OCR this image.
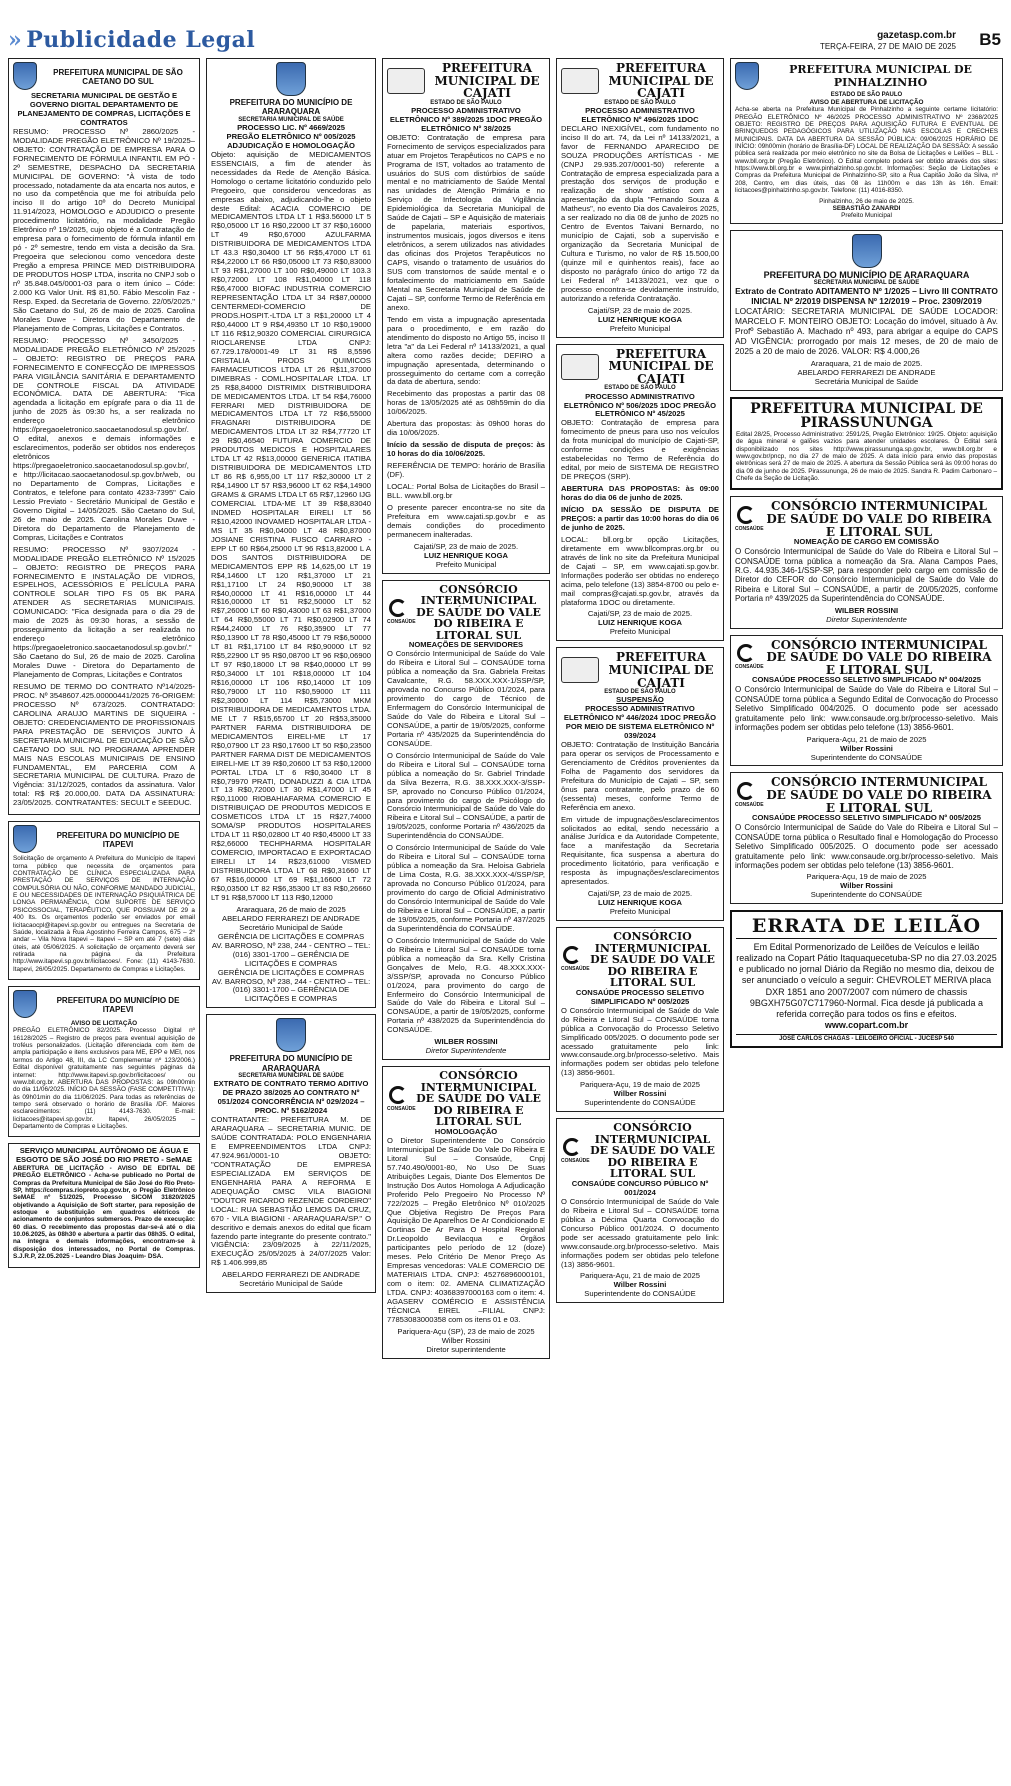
» Publicidade Legal	gazetasp.com.br
TERÇA-FEIRA, 27 DE MAIO DE 2025 B5
PREFEITURA MUNICIPAL DE SÃO CAETANO DO SUL
SECRETARIA MUNICIPAL DE GESTÃO E GOVERNO DIGITAL DEPARTAMENTO DE PLANEJAMENTO DE COMPRAS, LICITAÇÕES E CONTRATOS

RESUMO: PROCESSO Nº 2860/2025 - MODALIDADE PREGÃO ELETRÔNICO Nº 19/2025– OBJETO: CONTRATAÇÃO DE EMPRESA PARA O FORNECIMENTO DE FÓRMULA INFANTIL EM PÓ - 2º SEMESTRE, DESPACHO DA SECRETARIA MUNICIPAL DE GOVERNO: "À vista de todo processado, notadamente da ata encarta nos autos, e no uso da competência que me foi atribuída pelo inciso II do artigo 10º do Decreto Municipal 11.914/2023, HOMOLOGO e ADJUDICO o presente procedimento licitatório, na modalidade Pregão Eletrônico nº 19/2025, cujo objeto é a Contratação de empresa para o fornecimento de fórmula infantil em pó - 2º semestre, tendo em vista a decisão da Sra. Pregoeira que selecionou como vencedora deste Pregão a empresa PRINCE MED DISTRIBUIDORA DE PRODUTOS HOSP LTDA, inscrita no CNPJ sob o nº 35.848.045/0001-03 para o item único – Códe: 2.000 KG Valor Unit. R$ 81,50. Fábio Mescolin Faz - Resp. Exped. da Secretaria de Governo. 22/05/2025." São Caetano do Sul, 26 de maio de 2025. Carolina Morales Duwe - Diretora do Departamento de Planejamento de Compras, Licitações e Contratos.

RESUMO: PROCESSO Nº 3450/2025 - MODALIDADE PREGÃO ELETRÔNICO Nº 25/2025 – OBJETO: REGISTRO DE PREÇOS PARA FORNECIMENTO E CONFECÇÃO DE IMPRESSOS PARA VIGILÂNCIA SANITÁRIA E DEPARTAMENTO DE CONTROLE FISCAL DA ATIVIDADE ECONÔMICA. DATA DE ABERTURA: "Fica agendada a licitação em epígrafe para o dia 11 de junho de 2025 às 09:30 hs, a ser realizada no endereço eletrônico https://pregaoeletronico.saocaetanodosul.sp.gov.br/. O edital, anexos e demais informações e esclarecimentos, poderão ser obtidos nos endereços eletrônicos https://pregaoeletronico.saocaetanodosul.sp.gov.br/, e http://licitacao.saocaetanodosul.sp.gov.br/web, ou no Departamento de Compras, Licitações e Contratos, e telefone para contato 4233-7395" Caio Lessio Previato - Secretário Municipal de Gestão e Governo Digital – 14/05/2025. São Caetano do Sul, 26 de maio de 2025. Carolina Morales Duwe - Diretora do Departamento de Planejamento de Compras, Licitações e Contratos

RESUMO: PROCESSO Nº 9307/2024 - MODALIDADE PREGÃO ELETRÔNICO Nº 15/2025 – OBJETO: REGISTRO DE PREÇOS PARA FORNECIMENTO E INSTALAÇÃO DE VIDROS, ESPELHOS, ACESSÓRIOS E PELÍCULA PARA CONTROLE SOLAR TIPO FS 05 BK PARA ATENDER AS SECRETARIAS MUNICIPAIS. COMUNICADO: "Fica designada para o dia 29 de maio de 2025 às 09:30 horas, a sessão de prosseguimento da licitação a ser realizada no endereço eletrônico https://pregaoeletronico.saocaetanodosul.sp.gov.br/." São Caetano do Sul, 26 de maio de 2025. Carolina Morales Duwe - Diretora do Departamento de Planejamento de Compras, Licitações e Contratos

RESUMO DE TERMO DO CONTRATO Nº14/2025-PROC. Nº 3548607.425.00000441/2025 76-ORIGEM: PROCESSO Nº 673/2025. CONTRATADO: CAROLINA ARAUJO MARTINS DE SIQUEIRA -OBJETO: CREDENCIAMENTO DE PROFISSIONAIS PARA PRESTAÇÃO DE SERVIÇOS JUNTO À SECRETARIA MUNICIPAL DE EDUCAÇÃO DE SÃO CAETANO DO SUL NO PROGRAMA APRENDER MAIS NAS ESCOLAS MUNICIPAIS DE ENSINO FUNDAMENTAL, EM PARCERIA COM A SECRETARIA MUNICIPAL DE CULTURA. Prazo de Vigência: 31/12/2025, contados da assinatura. Valor total: R$ R$ 20.000,00. DATA DA ASSINATURA: 23/05/2025. CONTRATANTES: SECULT e SEEDUC.

PREFEITURA DO MUNICÍPIO DE ITAPEVI

Solicitação de orçamento A Prefeitura do Município de Itapevi torna público que necessita de orçamentos para CONTRATAÇÃO DE CLÍNICA ESPECIALIZADA PARA PRESTAÇÃO DE SERVIÇOS DE INTERNAÇÃO COMPULSÓRIA OU NÃO, CONFORME MANDADO JUDICIAL, E OU NECESSIDADES DE INTERNAÇÃO PSIQUIÁTRICA DE LONGA PERMANÊNCIA, COM SUPORTE DE SERVIÇO PSICOSSOCIAL, TERAPÊUTICO, QUE POSSUAM DE 29 a 400 lts. Os orçamentos poderão ser enviados por email licitacaocpl@itapevi.sp.gov.br ou entregues na Secretaria de Saúde, localizada à Rua Agostinho Ferreira Campos, 675 – 2º andar – Vila Nova Itapevi – Itapevi – SP em até 7 (sete) dias úteis, até 05/06/2025. A solicitação de orçamento deverá ser retirada na página da Prefeitura http://www.itapevi.sp.gov.br/licitacoes/. Fone: (11) 4143-7630. Itapevi, 26/05/2025. Departamento de Compras e Licitações.

PREFEITURA DO MUNICÍPIO DE ITAPEVI
AVISO DE LICITAÇÃO

PREGÃO ELETRÔNICO 82/2025. Processo Digital nº 16128/2025 – Registro de preços para eventual aquisição de troféus personalizados. (Licitação diferenciada com item de ampla participação e itens exclusivos para ME, EPP e MEI, nos termos do Artigo 48, III, da LC Complementar nº 123/2006.) Edital disponível gratuitamente nas seguintes páginas da internet: http://www.itapevi.sp.gov.br/licitacoes/ ou www.bll.org.br. ABERTURA DAS PROPOSTAS: às 09h00min do dia 11/06/2025. INÍCIO DA SESSÃO (FASE COMPETITIVA): às 09h01min do dia 11/06/2025. Para todas as referências de tempo será observado o horário de Brasília /DF. Maiores esclarecimentos: (11) 4143-7630. E-mail: licitacoes@itapevi.sp.gov.br. Itapevi, 26/05/2025 – Departamento de Compras e Licitações.

SERVIÇO MUNICIPAL AUTÔNOMO DE ÁGUA E ESGOTO DE SÃO JOSÉ DO RIO PRETO - SeMAE

ABERTURA DE LICITAÇÃO - AVISO DE EDITAL DE PREGÃO ELETRÔNICO - Acha-se publicado no Portal de Compras da Prefeitura Municipal de São José do Rio Preto-SP, https://compras.riopreto.sp.gov.br, o Pregão Eletrônico SeMAE nº 51/2025, Processo SICOM 31820/2025 objetivando a Aquisição de Soft starter, para reposição de estoque e substituição em quadros elétricos de acionamento de conjuntos submersos. Prazo de execução: 60 dias. O recebimento das propostas dar-se-á até o dia 10.06.2025, às 08h30 e abertura a partir das 08h35. O edital, na íntegra e demais informações, encontram-se à disposição dos interessados, no Portal de Compras. S.J.R.P, 22.05.2025 - Leandro Dias Joaquim- DSA.

PREFEITURA DO MUNICÍPIO DE ARARAQUARA
SECRETARIA MUNICIPAL DE SAÚDE
PROCESSO LIC. Nº 4669/2025
PREGÃO ELETRÔNICO Nº 005/2025
ADJUDICAÇÃO E HOMOLOGAÇÃO

Objeto: aquisição de MEDICAMENTOS ESSENCIAIS, a fim de atender às necessidades da Rede de Atenção Básica. Homologo o certame licitatório conduzido pelo Pregoeiro, que considerou vencedoras as empresas abaixo, adjudicando-lhe o objeto deste Edital: ACACIA COMERCIO DE MEDICAMENTOS LTDA LT 1 R$3.56000 LT 5 R$0,05000 LT 16 R$0,22000 LT 37 R$0,16000 LT 49 R$0,67000 AZULFARMA DISTRIBUIDORA DE MEDICAMENTOS LTDA LT 43.3 R$0,30400 LT 56 R$5,47000 LT 61 R$4,22000 LT 66 R$0,05000 LT 73 R$0,83000 LT 93 R$1,27000 LT 100 R$0,49000 LT 103.3 R$0,72000 LT 108 R$1,04000 LT 118 R$6,47000 BIOFAC INDUSTRIA COMERCIO REPRESENTAÇÃO LTDA LT 34 R$87,00000 CENTERMEDI-COMERCIO DE PRODS.HOSPIT.-LTDA LT 3 R$1,20000 LT 4 R$0,44000 LT 9 R$4,49350 LT 10 R$0,19000 LT 116 R$12,90320 COMERCIAL CIRURGICA RIOCLARENSE LTDA CNPJ: 67.729.178/0001-49 LT 31 R$ 8,5596 CRISTALIA PRODS QUIMICOS FARMACEUTICOS LTDA LT 26 R$11,37000 DIMEBRAS - COML.HOSPITALAR LTDA. LT 25 R$8,84000 DISTRIMIX DISTRIBUIDORA DE MEDICAMENTOS LTDA. LT 54 R$4,76000 FERRARI MED DISTRIBUIDORA DE MEDICAMENTOS LTDA LT 72 R$6,55000 FRAGNARI DISTRIBUIDORA DE MEDICAMENTOS LTDA LT 32 R$4,77720 LT 29 R$0,46540 FUTURA COMERCIO DE PRODUTOS MEDICOS E HOSPITALARES LTDA LT 42 R$13,00000 GENERICA ITATIBA DISTRIBUIDORA DE MEDICAMENTOS LTD LT 86 R$ 6,955,00 LT 117 R$2,30000 LT 2 R$4,14900 LT 57 R$3,96000 LT 62 R$4,14900 GRAMS & GRAMS LTDA LT 65 R$7,12960 IJG COMERCIAL LTDA-ME LT 39 R$8,83040 INDMED HOSPITALAR EIRELI LT 56 R$10,42000 INOVAMED HOSPITALAR LTDA - MS LT 35 R$0,04000 LT 48 R$0,87000 JOSIANE CRISTINA FUSCO CARRARO - EPP LT 60 R$64,25000 LT 96 R$13,82000 L A DOS SANTOS DISTRIBUIDORA DE MEDICAMENTOS EPP R$ 14,625,00 LT 19 R$4,14600 LT 120 R$1,37000 LT 21 R$1,17100 LT 24 R$0,90000 LT 38 R$40,00000 LT 41 R$16,00000 LT 44 R$16,00000 LT 51 R$2,50000 LT 52 R$7,26000 LT 60 R$0,43000 LT 63 R$1,37000 LT 64 R$0,55000 LT 71 R$0,02900 LT 74 R$44,24000 LT 76 R$0,35900 LT 77 R$0,13900 LT 78 R$0,45000 LT 79 R$6,50000 LT 81 R$1,17100 LT 84 R$0,90000 LT 92 R$5,22900 LT 95 R$0,08700 LT 96 R$0,06900 LT 97 R$0,18000 LT 98 R$40,00000 LT 99 R$0,34000 LT 101 R$18,00000 LT 104 R$16,00000 LT 106 R$0,14000 LT 109 R$0,79000 LT 110 R$0,59000 LT 111 R$2,30000 LT 114 R$5,73000 MKM DISTRIBUIDORA DE MEDICAMENTOS LTDA. ME LT 7 R$15,65700 LT 20 R$53,35000 PARTNER FARMA DISTRIBUIDORA DE MEDICAMENTOS EIRELI-ME LT 17 R$0,07900 LT 23 R$0,17600 LT 50 R$0,23500 PARTNER FARMA DIST DE MEDICAMENTOS EIRELI-ME LT 39 R$0,20600 LT 53 R$0,12000 PORTAL LTDA LT 6 R$0,30400 LT 8 R$0,79970 PRATI, DONADUZZI & CIA LTDA LT 13 R$0,72000 LT 30 R$1,47000 LT 45 R$0,11000 RIOBAHIAFARMA COMERCIO E DISTRIBUIÇAO DE PRODUTOS MEDICOS E COSMETICOS LTDA LT 15 R$27,74000 SOMA/SP PRODUTOS HOSPITALARES LTDA LT 11 R$0,02800 LT 40 R$0,45000 LT 33 R$2,66000 TECHPHARMA HOSPITALAR COMERCIO, IMPORTACAO E EXPORTACAO EIRELI LT 14 R$23,61000 VISMED DISTRIBUIDORA LTDA LT 68 R$0,31660 LT 67 R$16,00000 LT 69 R$1,16600 LT 72 R$0,03500 LT 82 R$6,35300 LT 83 R$0,26660 LT 91 R$8,57000 LT 113 R$0,12000

Araraquara, 26 de maio de 2025
ABELARDO FERRAREZI DE ANDRADE
Secretário Municipal de Saúde
GERÊNCIA DE LICITAÇÕES E COMPRAS
AV. BARROSO, Nº 238, 244 - CENTRO – TEL: (016) 3301-1700 – GERÊNCIA DE LICITAÇÕES E COMPRAS
GERÊNCIA DE LICITAÇÕES E COMPRAS
AV. BARROSO, Nº 238, 244 - CENTRO – TEL: (016) 3301-1700 – GERÊNCIA DE LICITAÇÕES E COMPRAS
PREFEITURA DO MUNICÍPIO DE ARARAQUARA
SECRETARIA MUNICIPAL DE SAÚDE
EXTRATO DE CONTRATO TERMO ADITIVO DE PRAZO 38/2025 AO CONTRATO Nº 051/2024 CONCORRÊNCIA Nº 029/2024 – PROC. Nº 5162/2024

CONTRATANTE: PREFEITURA M. DE ARARAQUARA – SECRETARIA MUNIC. DE SAÚDE CONTRATADA: POLO ENGENHARIA E EMPREENDIMENTOS LTDA CNPJ: 47.924.961/0001-10 OBJETO: "CONTRATAÇÃO DE EMPRESA ESPECIALIZADA EM SERVIÇOS DE ENGENHARIA PARA A REFORMA E ADEQUAÇÃO CMSC VILA BIAGIONI "DOUTOR RICARDO REZENDE CORDEIRO" LOCAL: RUA SEBASTIÃO LEMOS DA CRUZ, 670 - VILA BIAGIONI - ARARAQUARA/SP." O descritivo e demais anexos do edital que ficam fazendo parte integrante do presente contrato." VIGÊNCIA: 23/09/2025 à 22/11/2025, EXECUÇÃO 25/05/2025 à 24/07/2025 Valor: R$ 1.406.999,85

ABELARDO FERRAREZI DE ANDRADE
Secretário Municipal de Saúde
PREFEITURA MUNICIPAL DE CAJATI
ESTADO DE SÃO PAULO
PROCESSO ADMINISTRATIVO ELETRÔNICO Nº 389/2025 1DOC PREGÃO ELETRÔNICO Nº 38/2025

OBJETO: Contratação de empresa para Fornecimento de serviços especializados para atuar em Projetos Terapêuticos no CAPS e no Programa de IST, voltados ao tratamento de usuários do SUS com distúrbios de saúde mental e no matriciamento de Saúde Mental nas unidades de Atenção Primária e no Serviço de Infectologia da Vigilância Epidemiológica da Secretaria Municipal de Saúde de Cajati – SP e Aquisição de materiais de papelaria, materiais esportivos, instrumentos musicais, jogos diversos e itens eletrônicos, a serem utilizados nas atividades das oficinas dos Projetos Terapêuticos no CAPS, visando o tratamento de usuários do SUS com transtornos de saúde mental e o fortalecimento do matriciamento em Saúde Mental na Secretaria Municipal de Saúde de Cajati – SP, conforme Termo de Referência em anexo.

Tendo em vista a impugnação apresentada para o procedimento, e em razão do atendimento do disposto no Artigo 55, inciso II letra "a" da Lei Federal nº 14133/2021, a qual altera como razões decide; DEFIRO a impugnação apresentada, determinando o prosseguimento do certame com a correção da data de abertura, sendo:

Recebimento das propostas a partir das 08 horas de 13/05/2025 até as 08h59min do dia 10/06/2025.

Abertura das propostas: às 09h00 horas do dia 10/06/2025.

Início da sessão de disputa de preços: às 10 horas do dia 10/06/2025.

REFERÊNCIA DE TEMPO: horário de Brasília (DF).

LOCAL: Portal Bolsa de Licitações do Brasil – BLL. www.bll.org.br

O presente parecer encontra-se no site da Prefeitura em www.cajati.sp.gov.br e as demais condições do procedimento permanecem inalteradas.

Cajati/SP, 23 de maio de 2025.
LUIZ HENRIQUE KOGA
Prefeito Municipal
CONSAÚDE
CONSÓRCIO INTERMUNICIPAL DE SAÚDE DO VALE DO RIBEIRA E LITORAL SUL
NOMEAÇÕES DE SERVIDORES

O Consórcio Intermunicipal de Saúde do Vale do Ribeira e Litoral Sul – CONSAÚDE torna pública a nomeação da Sra. Gabriela Freitas Cavalcante, R.G. 58.XXX.XXX-1/SSP/SP, aprovada no Concurso Público 01/2024, para provimento do cargo de Técnico de Enfermagem do Consórcio Intermunicipal de Saúde do Vale do Ribeira e Litoral Sul – CONSAÚDE, a partir de 19/05/2025, conforme Portaria nº 435/2025 da Superintendência do CONSAÚDE.

O Consórcio Intermunicipal de Saúde do Vale do Ribeira e Litoral Sul – CONSAÚDE torna pública a nomeação do Sr. Gabriel Trindade da Silva Bezerra, R.G. 38.XXX.XXX-3/SSP-SP, aprovado no Concurso Público 01/2024, para provimento do cargo de Psicólogo do Consórcio Intermunicipal de Saúde do Vale do Ribeira e Litoral Sul – CONSAÚDE, a partir de 19/05/2025, conforme Portaria nº 436/2025 da Superintendência do CONSAÚDE.

O Consórcio Intermunicipal de Saúde do Vale do Ribeira e Litoral Sul – CONSAÚDE torna pública a nomeação da Sra. Heloisa Gabriela de Lima Costa, R.G. 38.XXX.XXX-4/SSP/SP, aprovada no Concurso Público 01/2024, para provimento do cargo de Oficial Administrativo do Consórcio Intermunicipal de Saúde do Vale do Ribeira e Litoral Sul – CONSAÚDE, a partir de 19/05/2025, conforme Portaria nº 437/2025 da Superintendência do CONSAÚDE.

O Consórcio Intermunicipal de Saúde do Vale do Ribeira e Litoral Sul – CONSAÚDE torna pública a nomeação da Sra. Kelly Cristina Gonçalves de Melo, R.G. 48.XXX.XXX-3/SSP/SP, aprovada no Concurso Público 01/2024, para provimento do cargo de Enfermeiro do Consórcio Intermunicipal de Saúde do Vale do Ribeira e Litoral Sul – CONSAÚDE, a partir de 19/05/2025, conforme Portaria nº 438/2025 da Superintendência do CONSAÚDE.

WILBER ROSSINI
Diretor Superintendente
CONSAÚDE
CONSÓRCIO INTERMUNICIPAL DE SAÚDE DO VALE DO RIBEIRA E LITORAL SUL
HOMOLOGAÇÃO

O Diretor Superintendente Do Consórcio Intermunicipal De Saúde Do Vale Do Ribeira E Litoral Sul – Consaúde, Cnpj 57.740.490/0001-80, No Uso De Suas Atribuições Legais, Diante Dos Elementos De Instrução Dos Autos Homologa A Adjudicação Proferido Pelo Pregoeiro No Processo Nº 722/2025 – Pregão Eletrônico Nº 010/2025 Que Objetiva Registro De Preços Para Aquisição De Aparelhos De Ar Condicionado E Cortinas De Ar Para O Hospital Regional Dr.Leopoldo Bevilacqua e Órgãos participantes pelo período de 12 (doze) meses. Pelo Critério De Menor Preço As Empresas vencedoras: VALE COMERCIO DE MATERIAIS LTDA. CNPJ: 45276896000101, com o item: 02. AMENA CLIMATIZAÇÃO LTDA. CNPJ: 40368397000163 com o item: 4. AGASERV COMÉRCIO E ASSISTÊNCIA TÉCNICA EIREL –FILIAL CNPJ: 77853083000358 com os itens 01 e 03.

Pariquera-Açu (SP), 23 de maio de 2025
Wilber Rossini
Diretor superintendente
PREFEITURA MUNICIPAL DE CAJATI
ESTADO DE SÃO PAULO
PROCESSO ADMINISTRATIVO ELETRÔNICO Nº 496/2025 1DOC

DECLARO INEXIGÍVEL, com fundamento no inciso II do art. 74, da Lei nº 14133/2021, a favor de FERNANDO APARECIDO DE SOUZA PRODUÇÕES ARTÍSTICAS - ME (CNPJ 29.935.207/0001-50) referente a Contratação de empresa especializada para a prestação dos serviços de produção e realização de show artístico com a apresentação da dupla "Fernando Souza & Matheus", no evento Dia dos Cavaleiros 2025, a ser realizado no dia 08 de junho de 2025 no Centro de Eventos Taivani Bernardo, no município de Cajati, sob a supervisão e organização da Secretaria Municipal de Cultura e Turismo, no valor de R$ 15.500,00 (quinze mil e quinhentos reais), face ao disposto no parágrafo único do artigo 72 da Lei Federal nº 14133/2021, vez que o processo encontra-se devidamente instruído, autorizando a referida Contratação.

Cajati/SP, 23 de maio de 2025.
LUIZ HENRIQUE KOGA
Prefeito Municipal
PREFEITURA MUNICIPAL DE CAJATI
ESTADO DE SÃO PAULO
PROCESSO ADMINISTRATIVO ELETRÔNICO Nº 506/2025 1DOC PREGÃO ELETRÔNICO Nº 45/2025

OBJETO: Contratação de empresa para fornecimento de pneus para uso nos veículos da frota municipal do município de Cajati-SP, conforme condições e exigências estabelecidas no Termo de Referência do edital, por meio de SISTEMA DE REGISTRO DE PREÇOS (SRP).

ABERTURA DAS PROPOSTAS: às 09:00 horas do dia 06 de junho de 2025.

INÍCIO DA SESSÃO DE DISPUTA DE PREÇOS: a partir das 10:00 horas do dia 06 de junho de 2025.

LOCAL: bll.org.br opção Licitações, diretamente em www.bllcompras.org.br ou através de link no site da Prefeitura Municipal de Cajati – SP, em www.cajati.sp.gov.br. Informações poderão ser obtidas no endereço acima, pelo telefone (13) 3854-8700 ou pelo e-mail compras@cajati.sp.gov.br, através da plataforma 1DOC ou diretamente.

Cajati/SP, 23 de maio de 2025.
LUIZ HENRIQUE KOGA
Prefeito Municipal
PREFEITURA MUNICIPAL DE CAJATI
ESTADO DE SÃO PAULO
SUSPENSÃO
PROCESSO ADMINISTRATIVO ELETRÔNICO Nº 446/2024 1DOC PREGÃO POR MEIO DE SISTEMA ELETRÔNICO Nº 039/2024

OBJETO: Contratação de Instituição Bancária para operar os serviços de Processamento e Gerenciamento de Créditos provenientes da Folha de Pagamento dos servidores da Prefeitura do Município de Cajati – SP, sem ônus para contratante, pelo prazo de 60 (sessenta) meses, conforme Termo de Referência em anexo.

Em virtude de impugnações/esclarecimentos solicitados ao edital, sendo necessário a análise Jurídica e da Autoridade Competente, face a manifestação da Secretaria Requisitante, fica suspensa a abertura do procedimento licitatório, para verificação e resposta às impugnações/esclarecimentos apresentados.

Cajati/SP, 23 de maio de 2025.
LUIZ HENRIQUE KOGA
Prefeito Municipal
CONSAÚDE
CONSÓRCIO INTERMUNICIPAL DE SAÚDE DO VALE DO RIBEIRA E LITORAL SUL
CONSAÚDE PROCESSO SELETIVO SIMPLIFICADO Nº 005/2025

O Consórcio Intermunicipal de Saúde do Vale do Ribeira e Litoral Sul – CONSAÚDE torna pública a Convocação do Processo Seletivo Simplificado 005/2025. O documento pode ser acessado gratuitamente pelo link: www.consaude.org.br/processo-seletivo. Mais informações podem ser obtidas pelo telefone (13) 3856-9601.

Pariquera-Açu, 19 de maio de 2025
Wilber Rossini
Superintendente do CONSAÚDE
CONSAÚDE
CONSÓRCIO INTERMUNICIPAL DE SAÚDE DO VALE DO RIBEIRA E LITORAL SUL
CONSAÚDE CONCURSO PÚBLICO Nº 001/2024

O Consórcio Intermunicipal de Saúde do Vale do Ribeira e Litoral Sul – CONSAÚDE torna pública a Décima Quarta Convocação do Concurso Público 001/2024. O documento pode ser acessado gratuitamente pelo link: www.consaude.org.br/processo-seletivo. Mais informações podem ser obtidas pelo telefone (13) 3856-9601.

Pariquera-Açu, 21 de maio de 2025
Wilber Rossini
Superintendente do CONSAÚDE
PREFEITURA MUNICIPAL DE PINHALZINHO
ESTADO DE SÃO PAULO
AVISO DE ABERTURA DE LICITAÇÃO

Acha-se aberta na Prefeitura Municipal de Pinhalzinho a seguinte certame licitatório: PREGÃO ELETRÔNICO Nº 46/2025 PROCESSO ADMINISTRATIVO Nº 2368/2025 OBJETO: REGISTRO DE PREÇOS PARA AQUISIÇÃO FUTURA E EVENTUAL DE BRINQUEDOS PEDAGÓGICOS PARA UTILIZAÇÃO NAS ESCOLAS E CRECHES MUNICIPAIS. DATA DA ABERTURA DA SESSÃO PÚBLICA: 09/06/2025 HORÁRIO DE INÍCIO: 09h00min (horário de Brasília-DF) LOCAL DE REALIZAÇÃO DA SESSÃO: A sessão pública será realizada por meio eletrônico no site da Bolsa de Licitações e Leilões – BLL - www.bll.org.br (Pregão Eletrônico). O Edital completo poderá ser obtido através dos sites: https://www.bll.org.br e www.pinhalzinho.sp.gov.br. Informações: Seção de Licitações e Compras da Prefeitura Municipal de Pinhalzinho-SP, sito a Rua Capitão João da Silva, nº 208, Centro, em dias úteis, das 08 às 11h00m e das 13h às 16h. Email: licitacoes@pinhalzinho.sp.gov.br. Telefone: (11) 4016-8350.

Pinhalzinho, 26 de maio de 2025.
SEBASTIÃO ZANARDI
Prefeito Municipal
PREFEITURA DO MUNICÍPIO DE ARARAQUARA
SECRETARIA MUNICIPAL DE SAÚDE
Extrato de Contrato ADITAMENTO Nº 1/2025 – Livro III CONTRATO INICIAL Nº 2/2019 DISPENSA Nº 12/2019 – Proc. 2309/2019

LOCATÁRIO: SECRETARIA MUNICIPAL DE SAÚDE LOCADOR: MARCELO F. MONTEIRO OBJETO: Locação do imóvel, situado à Av. Profº Sebastião A. Machado nº 493, para abrigar a equipe do CAPS AD VIGÊNCIA: prorrogado por mais 12 meses, de 20 de maio de 2025 a 20 de maio de 2026. VALOR: R$ 4.000,26

Araraquara, 21 de maio de 2025.
ABELARDO FERRAREZI DE ANDRADE
Secretária Municipal de Saúde
PREFEITURA MUNICIPAL DE PIRASSUNUNGA

Edital 28/25, Processo Administrativo: 2591/25, Pregão Eletrônico: 19/25. Objeto: aquisição de água mineral e galões vazios para atender unidades escolares. O Edital será disponibilizado nos sites http://www.pirassununga.sp.gov.br, www.bll.org.br e www.gov.br/pncp, no dia 27 de maio de 2025. A data início para envio das propostas eletrônicas será 27 de maio de 2025. A abertura da Sessão Pública será às 09:00 horas do dia 09 de junho de 2025. Pirassununga, 26 de maio de 2025. Sandra R. Padim Carbonaro – Chefe da Seção de Licitação.

CONSAÚDE
CONSÓRCIO INTERMUNICIPAL DE SAÚDE DO VALE DO RIBEIRA E LITORAL SUL
NOMEAÇÃO DE CARGO EM COMISSÃO

O Consórcio Intermunicipal de Saúde do Vale do Ribeira e Litoral Sul – CONSAÚDE torna pública a nomeação da Sra. Alana Campos Paes, R.G. 44.935.346-1/SSP-SP, para responder pelo cargo em comissão de Diretor do CEFOR do Consórcio Intermunicipal de Saúde do Vale do Ribeira e Litoral Sul – CONSAÚDE, a partir de 20/05/2025, conforme Portaria nº 439/2025 da Superintendência do CONSAÚDE.

WILBER ROSSINI
Diretor Superintendente
CONSAÚDE
CONSÓRCIO INTERMUNICIPAL DE SAÚDE DO VALE DO RIBEIRA E LITORAL SUL
CONSAÚDE PROCESSO SELETIVO SIMPLIFICADO Nº 004/2025

O Consórcio Intermunicipal de Saúde do Vale do Ribeira e Litoral Sul – CONSAÚDE torna pública a Segundo Edital de Convocação do Processo Seletivo Simplificado 004/2025. O documento pode ser acessado gratuitamente pelo link: www.consaude.org.br/processo-seletivo. Mais informações podem ser obtidas pelo telefone (13) 3856-9601.

Pariquera-Açu, 21 de maio de 2025
Wilber Rossini
Superintendente do CONSAÚDE
CONSAÚDE
CONSÓRCIO INTERMUNICIPAL DE SAÚDE DO VALE DO RIBEIRA E LITORAL SUL
CONSAÚDE PROCESSO SELETIVO SIMPLIFICADO Nº 005/2025

O Consórcio Intermunicipal de Saúde do Vale do Ribeira e Litoral Sul – CONSAÚDE torna pública o Resultado final e Homologação do Processo Seletivo Simplificado 005/2025. O documento pode ser acessado gratuitamente pelo link: www.consaude.org.br/processo-seletivo. Mais informações podem ser obtidas pelo telefone (13) 3856-9601.

Pariquera-Açu, 19 de maio de 2025
Wilber Rossini
Superintendente do CONSAÚDE
ERRATA DE LEILÃO
Em Edital Pormenorizado de Leilões de Veículos e leilão realizado na Copart Pátio Itaquaquecetuba-SP no dia 27.03.2025 e publicado no jornal Diário da Região no mesmo dia, deixou de ser anunciado o veículo a seguir: CHEVROLET MERIVA placa DXR 1851 ano 2007/2007 com número de chassis 9BGXH75G07C717960-Normal. Fica desde já publicada a referida correção para todos os fins e efeitos.
www.copart.com.br
JOSÉ CARLOS CHAGAS - LEILOEIRO OFICIAL - JUCESP 540
